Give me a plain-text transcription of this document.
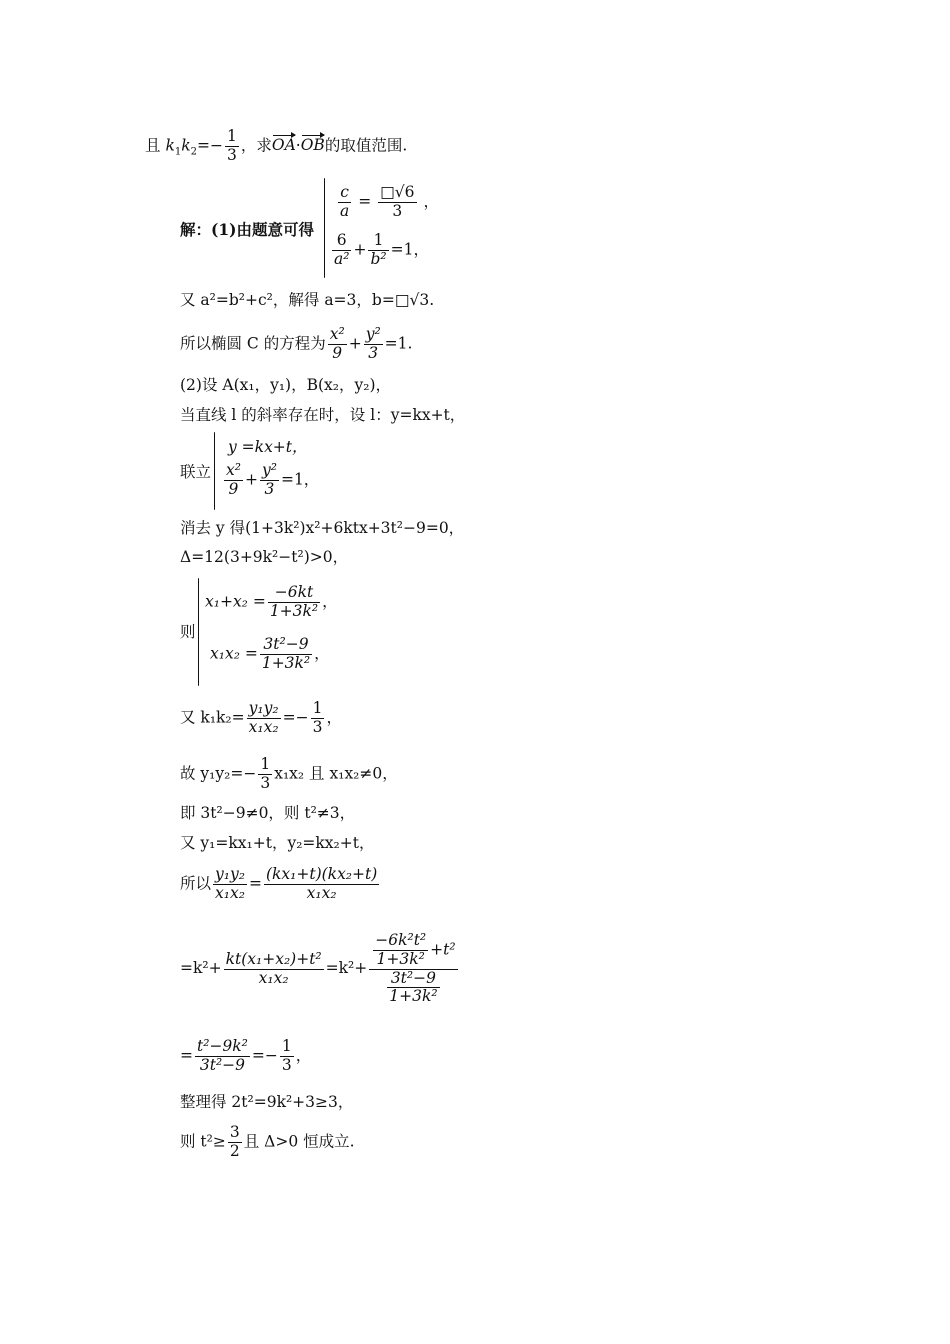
且 $k_1k_2=- \frac{1}{3}$ ，求OA·OB的取值范围.
解：(1)由题意可得
$\frac{c}{a} = \frac{□√6}{3}$ ，
$\frac{6}{\text{a²}} + \frac{1}{\text{b²}} =1$，
又 a²=b²+c²，解得 a=3，b=□√3.
所以椭圆 C 的方程为 $\frac{\text{x²}}{9} + \frac{\text{y²}}{3} =1$.
(2)设 A(x₁，y₁)，B(x₂，y₂)，
当直线 l 的斜率存在时，设 l：y=kx+t，
联立
y =kx+t，
$\frac{\text{x²}}{9} + \frac{\text{y²}}{3} =1$，
消去 y 得(1+3k²)x²+6ktx+3t²−9=0，
Δ=12(3+9k²−t²)>0，
则
$x_1+x_2 = \frac{-6kt}{\text{1+3k²}}$ ，
$x_1x_2 = \frac{\text{3t²−9}}{\text{1+3k²}}$ ，
又 $k_1k_2= \frac{\text{y₁y₂}}{\text{x₁x₂}} =- \frac{1}{3}$ ，
故 $y_1y_2=- \frac{1}{3} x_1x_2$ 且 x₁x₂≠0，
即 3t²−9≠0，则 t²≠3，
又 y₁=kx₁+t，y₂=kx₂+t，
所以 $\frac{\text{y₁y₂}}{\text{x₁x₂}} = \frac{\text{(kx₁+t)(kx₂+t)}}{\text{x₁x₂}}$
$=k^2+ \frac{\text{kt(x₁+x₂)+t²}}{\text{x₁x₂}} =k^2+ \frac{\frac{\text{−6k²t²}}{\text{1+3k²}} +t^2}{\frac{\text{3t²−9}}{\text{1+3k²}}}$
= $\frac{\text{t²−9k²}}{\text{3t²−9}} =- \frac{1}{3}$ ，
整理得 2t²=9k²+3≥3，
则 $t^2\ge \frac{3}{2}$ 且 Δ>0 恒成立.
